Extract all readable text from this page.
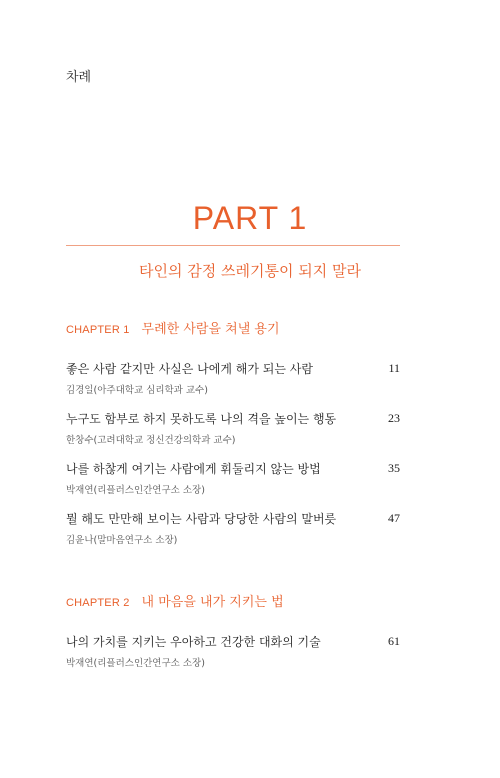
차례
PART 1
타인의 감정 쓰레기통이 되지 말라
CHAPTER 1 무례한 사람을 쳐낼 용기
좋은 사람 같지만 사실은 나에게 해가 되는 사람	11
김경일(아주대학교 심리학과 교수)
누구도 함부로 하지 못하도록 나의 격을 높이는 행동	23
한창수(고려대학교 정신건강의학과 교수)
나를 하찮게 여기는 사람에게 휘둘리지 않는 방법	35
박재연(리플러스인간연구소 소장)
뭘 해도 만만해 보이는 사람과 당당한 사람의 말버릇	47
김윤나(말마음연구소 소장)
CHAPTER 2 내 마음을 내가 지키는 법
나의 가치를 지키는 우아하고 건강한 대화의 기술	61
박재연(리플러스인간연구소 소장)
